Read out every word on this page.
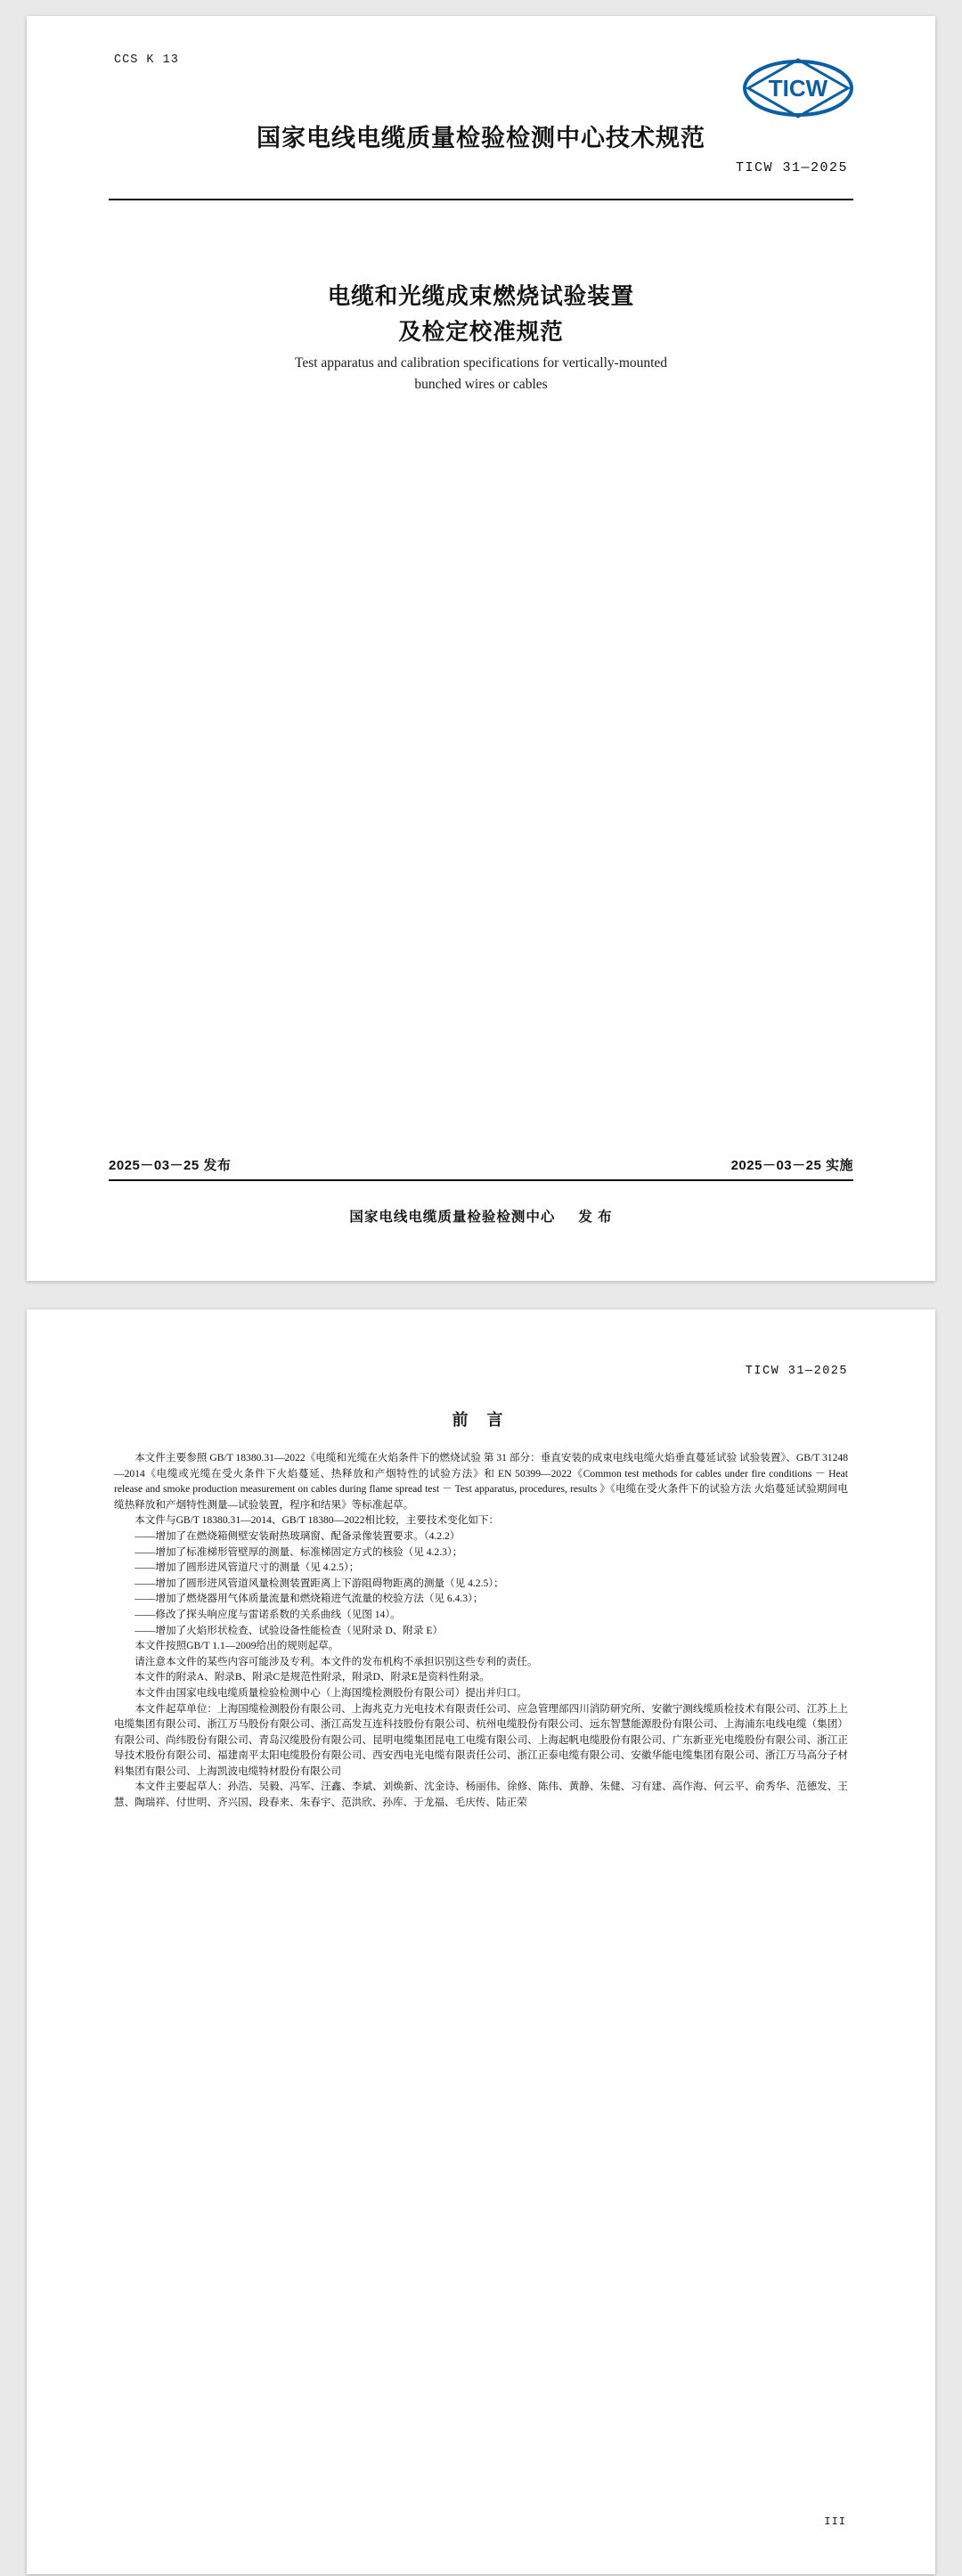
CCS K 13
TICW
国家电线电缆质量检验检测中心技术规范
TICW 31—2025
电缆和光缆成束燃烧试验装置
及检定校准规范
Test apparatus and calibration specifications for vertically-mounted
bunched wires or cables
2025－03－25 发布	2025－03－25 实施
国家电线电缆质量检验检测中心 发 布
TICW 31—2025
前 言

本文件主要参照 GB/T 18380.31—2022《电缆和光缆在火焰条件下的燃烧试验 第 31 部分：垂直安装的成束电线电缆火焰垂直蔓延试验 试验装置》、GB/T 31248—2014《电缆或光缆在受火条件下火焰蔓延、热释放和产烟特性的试验方法》和 EN 50399—2022《Common test methods for cables under fire conditions － Heat release and smoke production measurement on cables during flame spread test － Test apparatus, procedures, results 》《电缆在受火条件下的试验方法 火焰蔓延试验期间电缆热释放和产烟特性测量—试验装置，程序和结果》等标准起草。

本文件与GB/T 18380.31—2014、GB/T 18380—2022相比较，主要技术变化如下：

——增加了在燃烧箱侧壁安装耐热玻璃窗、配备录像装置要求。（4.2.2）

——增加了标准梯形管壁厚的测量、标准梯固定方式的核验（见 4.2.3）；

——增加了圆形进风管道尺寸的测量（见 4.2.5）；

——增加了圆形进风管道风量检测装置距离上下游阻碍物距离的测量（见 4.2.5）；

——增加了燃烧器用气体质量流量和燃烧箱进气流量的校验方法（见 6.4.3）；

——修改了探头响应度与雷诺系数的关系曲线（见图 14）。

——增加了火焰形状检查、试验设备性能检查（见附录 D、附录 E）

本文件按照GB/T 1.1—2009给出的规则起草。

请注意本文件的某些内容可能涉及专利。本文件的发布机构不承担识别这些专利的责任。

本文件的附录A、附录B、附录C是规范性附录，附录D、附录E是资料性附录。

本文件由国家电线电缆质量检验检测中心（上海国缆检测股份有限公司）提出并归口。

本文件起草单位：上海国缆检测股份有限公司、上海兆克力光电技术有限责任公司、应急管理部四川消防研究所、安徽宁测线缆质检技术有限公司、江苏上上电缆集团有限公司、浙江万马股份有限公司、浙江高发互连科技股份有限公司、杭州电缆股份有限公司、远东智慧能源股份有限公司、上海浦东电线电缆（集团）有限公司、尚纬股份有限公司、青岛汉缆股份有限公司、昆明电缆集团昆电工电缆有限公司、上海起帆电缆股份有限公司、广东新亚光电缆股份有限公司、浙江正导技术股份有限公司、福建南平太阳电缆股份有限公司、西安西电光电缆有限责任公司、浙江正泰电缆有限公司、安徽华能电缆集团有限公司、浙江万马高分子材料集团有限公司、上海凯波电缆特材股份有限公司

本文件主要起草人：孙浩、吴毅、冯军、汪鑫、李斌、刘焕新、沈金诗、杨丽伟、徐修、陈伟、黄静、朱健、习有建、高作海、何云平、俞秀华、范德发、王慧、陶瑞祥、付世明、齐兴国、段春来、朱春宇、范洪欣、孙库、于龙福、毛庆传、陆正荣

III
